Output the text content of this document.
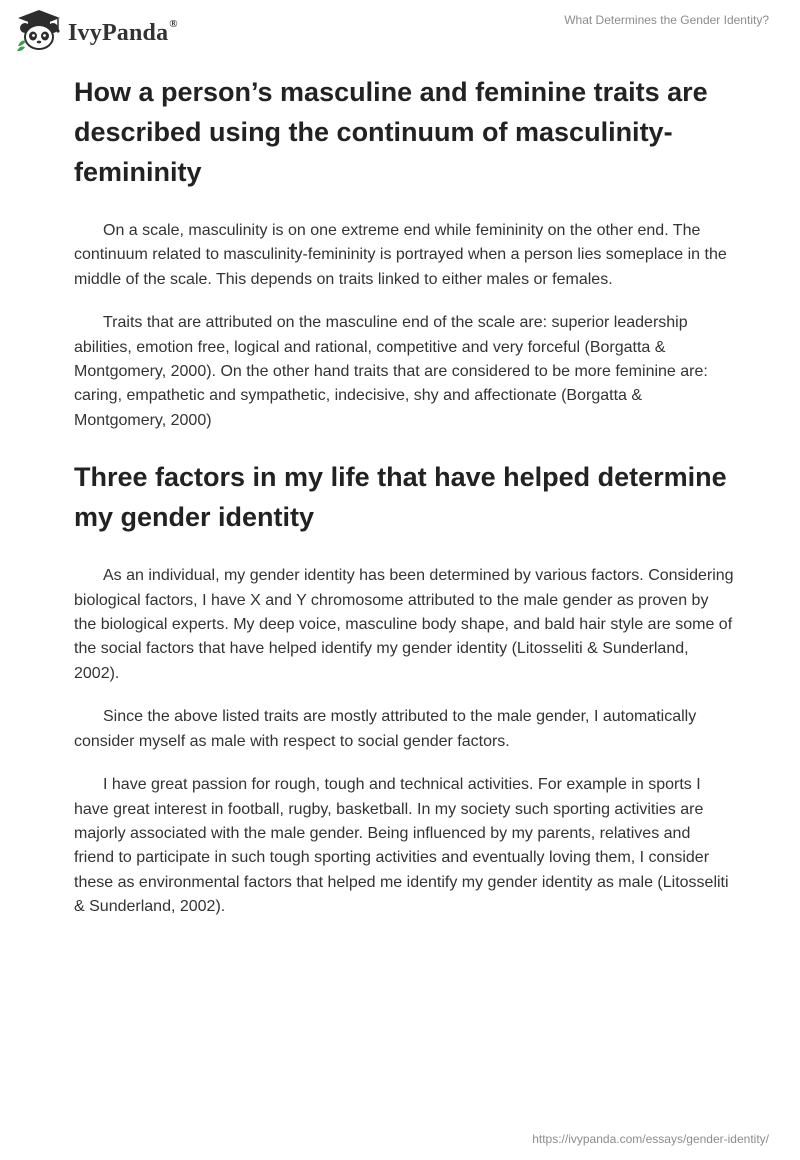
IvyPanda®	What Determines the Gender Identity?
How a person’s masculine and feminine traits are described using the continuum of masculinity-femininity

On a scale, masculinity is on one extreme end while femininity on the other end. The continuum related to masculinity-femininity is portrayed when a person lies someplace in the middle of the scale. This depends on traits linked to either males or females.

Traits that are attributed on the masculine end of the scale are: superior leadership abilities, emotion free, logical and rational, competitive and very forceful (Borgatta & Montgomery, 2000). On the other hand traits that are considered to be more feminine are: caring, empathetic and sympathetic, indecisive, shy and affectionate (Borgatta & Montgomery, 2000)

Three factors in my life that have helped determine my gender identity

As an individual, my gender identity has been determined by various factors. Considering biological factors, I have X and Y chromosome attributed to the male gender as proven by the biological experts. My deep voice, masculine body shape, and bald hair style are some of the social factors that have helped identify my gender identity (Litosseliti & Sunderland, 2002).

Since the above listed traits are mostly attributed to the male gender, I automatically consider myself as male with respect to social gender factors.

I have great passion for rough, tough and technical activities. For example in sports I have great interest in football, rugby, basketball. In my society such sporting activities are majorly associated with the male gender. Being influenced by my parents, relatives and friend to participate in such tough sporting activities and eventually loving them, I consider these as environmental factors that helped me identify my gender identity as male (Litosseliti & Sunderland, 2002).

https://ivypanda.com/essays/gender-identity/
